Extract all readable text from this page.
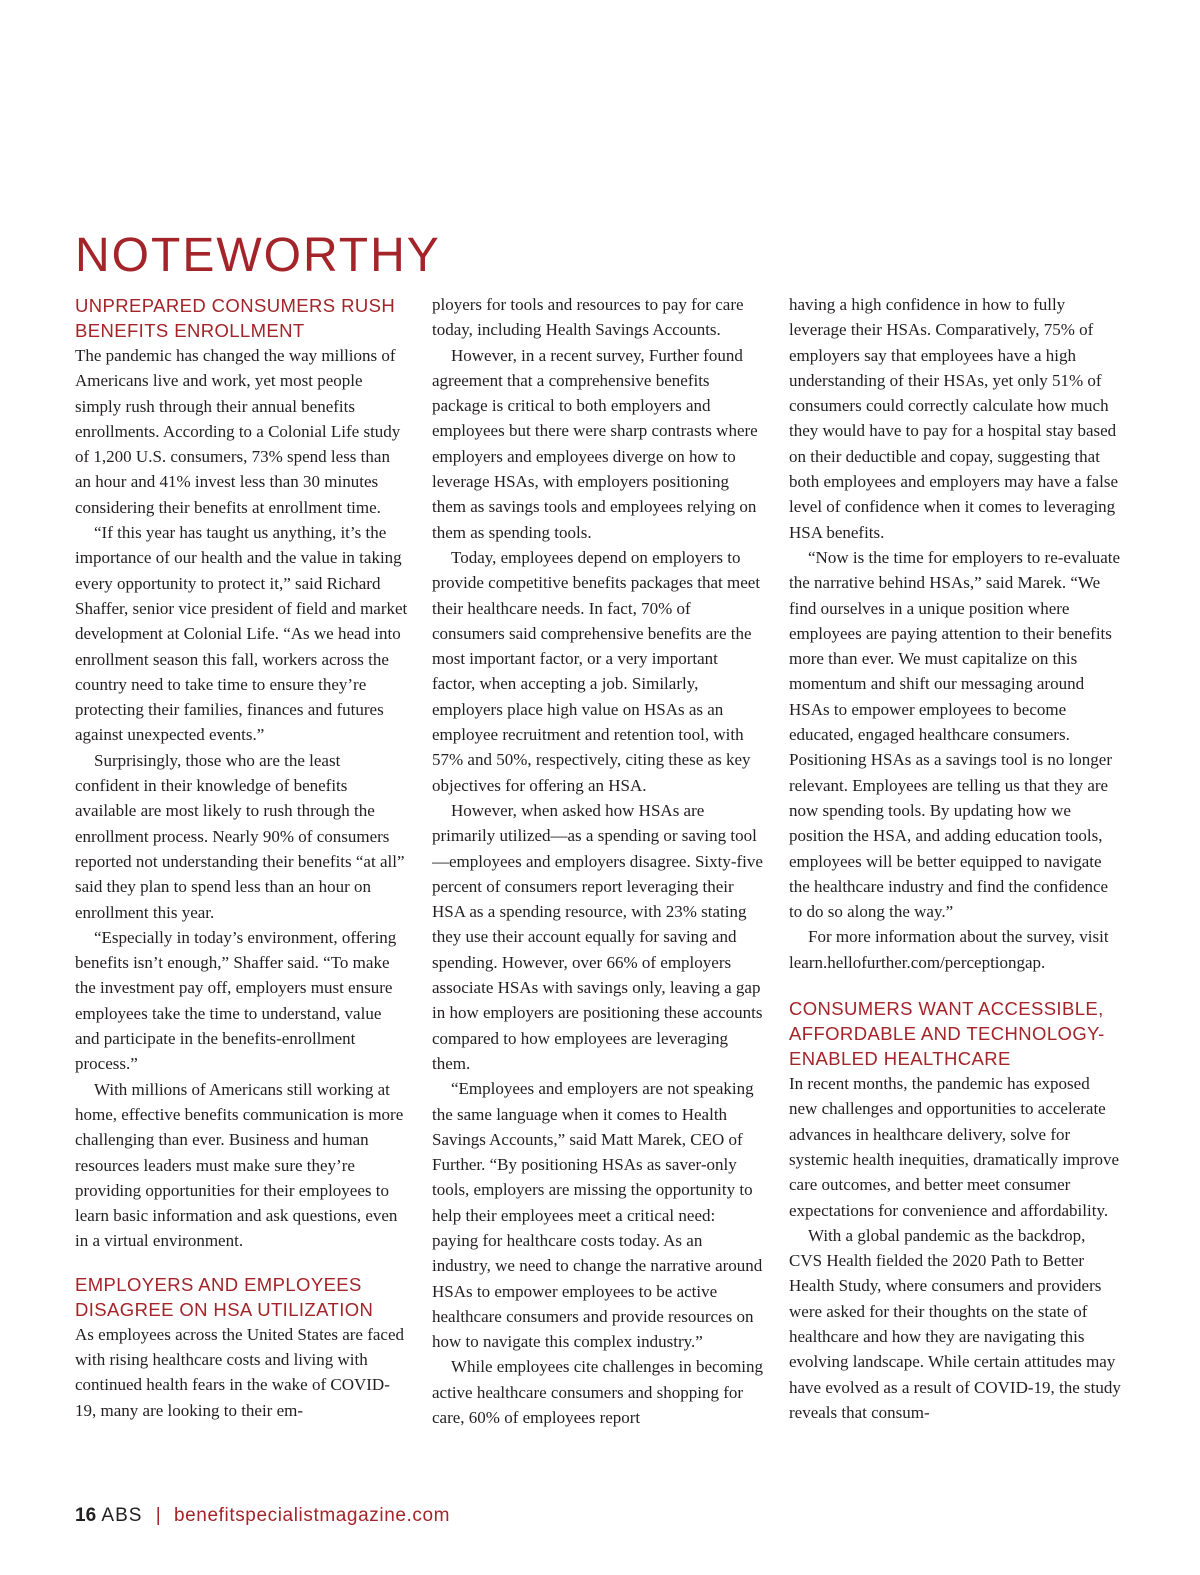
NOTEWORTHY
UNPREPARED CONSUMERS RUSH BENEFITS ENROLLMENT

The pandemic has changed the way millions of Americans live and work, yet most people simply rush through their annual benefits enrollments. According to a Colonial Life study of 1,200 U.S. consumers, 73% spend less than an hour and 41% invest less than 30 minutes considering their benefits at enrollment time.

“If this year has taught us anything, it’s the importance of our health and the value in taking every opportunity to protect it,” said Richard Shaffer, senior vice president of field and market development at Colonial Life. “As we head into enrollment season this fall, workers across the country need to take time to ensure they’re protecting their families, finances and futures against unexpected events.”

Surprisingly, those who are the least confident in their knowledge of benefits available are most likely to rush through the enrollment process. Nearly 90% of consumers reported not understanding their benefits “at all” said they plan to spend less than an hour on enrollment this year.

“Especially in today’s environment, offering benefits isn’t enough,” Shaffer said. “To make the investment pay off, employers must ensure employees take the time to understand, value and participate in the benefits-enrollment process.”

With millions of Americans still working at home, effective benefits communication is more challenging than ever. Business and human resources leaders must make sure they’re providing opportunities for their employees to learn basic information and ask questions, even in a virtual environment.

EMPLOYERS AND EMPLOYEES DISAGREE ON HSA UTILIZATION

As employees across the United States are faced with rising healthcare costs and living with continued health fears in the wake of COVID-19, many are looking to their em-

ployers for tools and resources to pay for care today, including Health Savings Accounts.

However, in a recent survey, Further found agreement that a comprehensive benefits package is critical to both employers and employees but there were sharp contrasts where employers and employees diverge on how to leverage HSAs, with employers positioning them as savings tools and employees relying on them as spending tools.

Today, employees depend on employers to provide competitive benefits packages that meet their healthcare needs. In fact, 70% of consumers said comprehensive benefits are the most important factor, or a very important factor, when accepting a job. Similarly, employers place high value on HSAs as an employee recruitment and retention tool, with 57% and 50%, respectively, citing these as key objectives for offering an HSA.

However, when asked how HSAs are primarily utilized—as a spending or saving tool—employees and employers disagree. Sixty-five percent of consumers report leveraging their HSA as a spending resource, with 23% stating they use their account equally for saving and spending. However, over 66% of employers associate HSAs with savings only, leaving a gap in how employers are positioning these accounts compared to how employees are leveraging them.

“Employees and employers are not speaking the same language when it comes to Health Savings Accounts,” said Matt Marek, CEO of Further. “By positioning HSAs as saver-only tools, employers are missing the opportunity to help their employees meet a critical need: paying for healthcare costs today. As an industry, we need to change the narrative around HSAs to empower employees to be active healthcare consumers and provide resources on how to navigate this complex industry.”

While employees cite challenges in becoming active healthcare consumers and shopping for care, 60% of employees report

having a high confidence in how to fully leverage their HSAs. Comparatively, 75% of employers say that employees have a high understanding of their HSAs, yet only 51% of consumers could correctly calculate how much they would have to pay for a hospital stay based on their deductible and copay, suggesting that both employees and employers may have a false level of confidence when it comes to leveraging HSA benefits.

“Now is the time for employers to re-evaluate the narrative behind HSAs,” said Marek. “We find ourselves in a unique position where employees are paying attention to their benefits more than ever. We must capitalize on this momentum and shift our messaging around HSAs to empower employees to become educated, engaged healthcare consumers. Positioning HSAs as a savings tool is no longer relevant. Employees are telling us that they are now spending tools. By updating how we position the HSA, and adding education tools, employees will be better equipped to navigate the healthcare industry and find the confidence to do so along the way.”

For more information about the survey, visit learn.hellofurther.com/perceptiongap.

CONSUMERS WANT ACCESSIBLE, AFFORDABLE AND TECHNOLOGY-ENABLED HEALTHCARE

In recent months, the pandemic has exposed new challenges and opportunities to accelerate advances in healthcare delivery, solve for systemic health inequities, dramatically improve care outcomes, and better meet consumer expectations for convenience and affordability.

With a global pandemic as the backdrop, CVS Health fielded the 2020 Path to Better Health Study, where consumers and providers were asked for their thoughts on the state of healthcare and how they are navigating this evolving landscape. While certain attitudes may have evolved as a result of COVID-19, the study reveals that consum-

16 ABS | benefitspecialistmagazine.com
